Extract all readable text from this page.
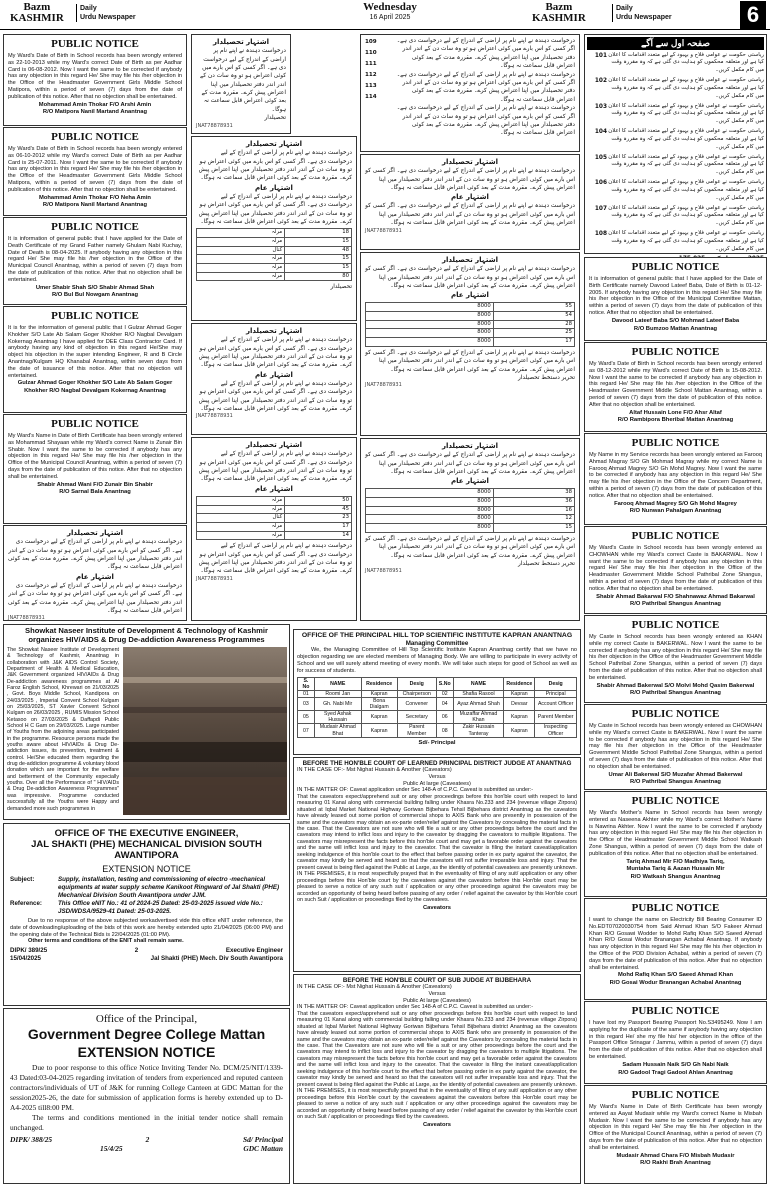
Bazm
KASHMIR
Daily
Urdu Newspaper
Wednesday
16 April 2025
Bazm
KASHMIR
Daily
Urdu Newspaper	6
PUBLIC NOTICE

My Ward's Date of Birth in School records has been wrongly entered as 22-10-2013 while my Ward's correct Date of Birth as per Aadhar Card is 06-08-2012. Now I want the same to be corrected if anybody has any objection in this regard He/ She may file his /her objection in the Office of the Headmaster Government Girls Middle School Matipora, within a period of seven (7) days from the date of publication of this notice. After that no objection shall be entertained.

Mohammad Amin Thokar F/O Arshi Amin
R/O Matipora Nanil Martand Anantnag
PUBLIC NOTICE

My Ward's Date of Birth in School records has been wrongly entered as 06-10-2012 while my Ward's correct Date of Birth as per Aadhar Card is 25-07-2011. Now I want the same to be corrected if anybody has any objection in this regard He/ She may file his /her objection in the Office of the Headmaster Government Girls Middle School Matipora, within a period of seven (7) days from the date of publication of this notice. After that no objection shall be entertained.

Mohammad Amin Thokar F/O Neha Amin
R/O Matipora Nanil Martand Anantnag
PUBLIC NOTICE

It is information of general public that I have applied for the Date of Death Certificate of my Grand Father namely Ghulam Nabi Kuchay, Date of Death is 08-04-2025. If anybody having any objection in this regard He/ She may file his /her objection in the Office of the Municipal Council Anantnag, within a period of seven (7) days from the date of publication of this notice. After that no objection shall be entertained.

Umer Shabir Shah S/O Shabir Ahmad Shah
R/O Bul Bul Nowgam Anantnag
PUBLIC NOTICE

It is for the information of general public that I Gulzar Ahmad Goger Khokher S/O Late Ab Salam Goger Khokher R/O Nagbal Devalgam Kokernag Anantnag I have applied for DEE Class Contractor Card. If anybody having any kind of objection in this regard He/She may object his objection in the super intending Engineer, R and B Circle Anantnag/Kulgam HQ Khanabal Anantnag, within seven days from the date of issuance of this notice. After that no objection will entertained.

Gulzar Ahmad Goger Khokher S/O Late Ab Salam Goger
Khokher R/O Nagbal Devalgam Kokernag Anantnag
PUBLIC NOTICE

My Ward's Name in Date of Birth Certificate has been wrongly entered as Mohammad Shayaan while my Ward's correct Name is Zunair Bin Shabir. Now I want the same to be corrected if anybody has any objection in this regard He/ She may file his /her objection in the Office of the Municipal Council Anantnag, within a period of seven (7) days from the date of publication of this notice. After that no objection shall be entertained.

Shabir Ahmad Wani F/O Zunair Bin Shabir
R/O Sarnal Bala Anantnag
اشتہار تحصیلدار
درخواست دہندہ نے اپنے نام پر اراضی کے اندراج کے لیے درخواست دی ہے۔ اگر کسی کو اس بارے میں کوئی اعتراض ہو تو وہ سات دن کے اندر اندر دفتر تحصیلدار میں اپنا اعتراض پیش کرے۔ مقررہ مدت کے بعد کوئی اعتراض قابل سماعت نہ ہوگا۔
اشتہار عام
درخواست دہندہ نے اپنے نام پر اراضی کے اندراج کے لیے درخواست دی ہے۔ اگر کسی کو اس بارے میں کوئی اعتراض ہو تو وہ سات دن کے اندر اندر دفتر تحصیلدار میں اپنا اعتراض پیش کرے۔ مقررہ مدت کے بعد کوئی اعتراض قابل سماعت نہ ہوگا۔
JNAT78878931
اشتہار تحصیلدار
درخواست دہندہ نے اپنے نام پر اراضی کے اندراج کے لیے درخواست دی ہے۔ اگر کسی کو اس بارے میں کوئی اعتراض ہو تو وہ سات دن کے اندر اندر دفتر تحصیلدار میں اپنا اعتراض پیش کرے۔ مقررہ مدت کے بعد کوئی اعتراض قابل سماعت نہ ہوگا۔
تحصیلدار
JNAT78878931
اشتہار تحصیلدار
درخواست دہندہ نے اپنے نام پر اراضی کے اندراج کے لیے درخواست دی ہے۔ اگر کسی کو اس بارے میں کوئی اعتراض ہو تو وہ سات دن کے اندر اندر دفتر تحصیلدار میں اپنا اعتراض پیش کرے۔ مقررہ مدت کے بعد کوئی اعتراض قابل سماعت نہ ہوگا۔
اشتہار عام
درخواست دہندہ نے اپنے نام پر اراضی کے اندراج کے لیے درخواست دی ہے۔ اگر کسی کو اس بارے میں کوئی اعتراض ہو تو وہ سات دن کے اندر اندر دفتر تحصیلدار میں اپنا اعتراض پیش کرے۔ مقررہ مدت کے بعد کوئی اعتراض قابل سماعت نہ ہوگا۔
18	مرلہ
15	مرلہ
48	کنال
15	مرلہ
15	مرلہ
80	مرلہ
تحصیلدار
اشتہار تحصیلدار
درخواست دہندہ نے اپنے نام پر اراضی کے اندراج کے لیے درخواست دی ہے۔ اگر کسی کو اس بارے میں کوئی اعتراض ہو تو وہ سات دن کے اندر اندر دفتر تحصیلدار میں اپنا اعتراض پیش کرے۔ مقررہ مدت کے بعد کوئی اعتراض قابل سماعت نہ ہوگا۔
اشتہار عام
درخواست دہندہ نے اپنے نام پر اراضی کے اندراج کے لیے درخواست دی ہے۔ اگر کسی کو اس بارے میں کوئی اعتراض ہو تو وہ سات دن کے اندر اندر دفتر تحصیلدار میں اپنا اعتراض پیش کرے۔ مقررہ مدت کے بعد کوئی اعتراض قابل سماعت نہ ہوگا۔
JNAT78878931
اشتہار تحصیلدار
درخواست دہندہ نے اپنے نام پر اراضی کے اندراج کے لیے درخواست دی ہے۔ اگر کسی کو اس بارے میں کوئی اعتراض ہو تو وہ سات دن کے اندر اندر دفتر تحصیلدار میں اپنا اعتراض پیش کرے۔ مقررہ مدت کے بعد کوئی اعتراض قابل سماعت نہ ہوگا۔
اشتہار عام
50	مرلہ
45	مرلہ
23	کنال
17	مرلہ
14	مرلہ
درخواست دہندہ نے اپنے نام پر اراضی کے اندراج کے لیے درخواست دی ہے۔ اگر کسی کو اس بارے میں کوئی اعتراض ہو تو وہ سات دن کے اندر اندر دفتر تحصیلدار میں اپنا اعتراض پیش کرے۔ مقررہ مدت کے بعد کوئی اعتراض قابل سماعت نہ ہوگا۔
JNAT78878931
109
110
111
112
113
114
درخواست دہندہ نے اپنے نام پر اراضی کے اندراج کے لیے درخواست دی ہے۔ اگر کسی کو اس بارے میں کوئی اعتراض ہو تو وہ سات دن کے اندر اندر دفتر تحصیلدار میں اپنا اعتراض پیش کرے۔ مقررہ مدت کے بعد کوئی اعتراض قابل سماعت نہ ہوگا۔
درخواست دہندہ نے اپنے نام پر اراضی کے اندراج کے لیے درخواست دی ہے۔ اگر کسی کو اس بارے میں کوئی اعتراض ہو تو وہ سات دن کے اندر اندر دفتر تحصیلدار میں اپنا اعتراض پیش کرے۔ مقررہ مدت کے بعد کوئی اعتراض قابل سماعت نہ ہوگا۔
درخواست دہندہ نے اپنے نام پر اراضی کے اندراج کے لیے درخواست دی ہے۔ اگر کسی کو اس بارے میں کوئی اعتراض ہو تو وہ سات دن کے اندر اندر دفتر تحصیلدار میں اپنا اعتراض پیش کرے۔ مقررہ مدت کے بعد کوئی اعتراض قابل سماعت نہ ہوگا۔
اشتہار تحصیلدار
درخواست دہندہ نے اپنے نام پر اراضی کے اندراج کے لیے درخواست دی ہے۔ اگر کسی کو اس بارے میں کوئی اعتراض ہو تو وہ سات دن کے اندر اندر دفتر تحصیلدار میں اپنا اعتراض پیش کرے۔ مقررہ مدت کے بعد کوئی اعتراض قابل سماعت نہ ہوگا۔
اشتہار عام
درخواست دہندہ نے اپنے نام پر اراضی کے اندراج کے لیے درخواست دی ہے۔ اگر کسی کو اس بارے میں کوئی اعتراض ہو تو وہ سات دن کے اندر اندر دفتر تحصیلدار میں اپنا اعتراض پیش کرے۔ مقررہ مدت کے بعد کوئی اعتراض قابل سماعت نہ ہوگا۔
JNAT78878931
اشتہار تحصیلدار
درخواست دہندہ نے اپنے نام پر اراضی کے اندراج کے لیے درخواست دی ہے۔ اگر کسی کو اس بارے میں کوئی اعتراض ہو تو وہ سات دن کے اندر اندر دفتر تحصیلدار میں اپنا اعتراض پیش کرے۔ مقررہ مدت کے بعد کوئی اعتراض قابل سماعت نہ ہوگا۔
اشتہار عام
55	8000
54	8000
28	8000
25	8000
17	8000
درخواست دہندہ نے اپنے نام پر اراضی کے اندراج کے لیے درخواست دی ہے۔ اگر کسی کو اس بارے میں کوئی اعتراض ہو تو وہ سات دن کے اندر اندر دفتر تحصیلدار میں اپنا اعتراض پیش کرے۔ مقررہ مدت کے بعد کوئی اعتراض قابل سماعت نہ ہوگا۔
تحریر دستخط تحصیلدار
JNAT78878931
اشتہار تحصیلدار
درخواست دہندہ نے اپنے نام پر اراضی کے اندراج کے لیے درخواست دی ہے۔ اگر کسی کو اس بارے میں کوئی اعتراض ہو تو وہ سات دن کے اندر اندر دفتر تحصیلدار میں اپنا اعتراض پیش کرے۔ مقررہ مدت کے بعد کوئی اعتراض قابل سماعت نہ ہوگا۔
اشتہار عام
38	8000
36	8000
16	8000
12	8000
15	8000
درخواست دہندہ نے اپنے نام پر اراضی کے اندراج کے لیے درخواست دی ہے۔ اگر کسی کو اس بارے میں کوئی اعتراض ہو تو وہ سات دن کے اندر اندر دفتر تحصیلدار میں اپنا اعتراض پیش کرے۔ مقررہ مدت کے بعد کوئی اعتراض قابل سماعت نہ ہوگا۔
تحریر دستخط تحصیلدار
JNAT78878951
صفحہ اول سے آگے
101 ریاستی حکومت نے عوامی فلاح و بہبود کے لیے متعدد اقدامات کا اعلان کیا ہے اور متعلقہ محکموں کو ہدایت دی گئی ہے کہ وہ مقررہ وقت میں کام مکمل کریں۔
102 ریاستی حکومت نے عوامی فلاح و بہبود کے لیے متعدد اقدامات کا اعلان کیا ہے اور متعلقہ محکموں کو ہدایت دی گئی ہے کہ وہ مقررہ وقت میں کام مکمل کریں۔
103 ریاستی حکومت نے عوامی فلاح و بہبود کے لیے متعدد اقدامات کا اعلان کیا ہے اور متعلقہ محکموں کو ہدایت دی گئی ہے کہ وہ مقررہ وقت میں کام مکمل کریں۔
104 ریاستی حکومت نے عوامی فلاح و بہبود کے لیے متعدد اقدامات کا اعلان کیا ہے اور متعلقہ محکموں کو ہدایت دی گئی ہے کہ وہ مقررہ وقت میں کام مکمل کریں۔
105 ریاستی حکومت نے عوامی فلاح و بہبود کے لیے متعدد اقدامات کا اعلان کیا ہے اور متعلقہ محکموں کو ہدایت دی گئی ہے کہ وہ مقررہ وقت میں کام مکمل کریں۔
106 ریاستی حکومت نے عوامی فلاح و بہبود کے لیے متعدد اقدامات کا اعلان کیا ہے اور متعلقہ محکموں کو ہدایت دی گئی ہے کہ وہ مقررہ وقت میں کام مکمل کریں۔
107 ریاستی حکومت نے عوامی فلاح و بہبود کے لیے متعدد اقدامات کا اعلان کیا ہے اور متعلقہ محکموں کو ہدایت دی گئی ہے کہ وہ مقررہ وقت میں کام مکمل کریں۔
108 ریاستی حکومت نے عوامی فلاح و بہبود کے لیے متعدد اقدامات کا اعلان کیا ہے اور متعلقہ محکموں کو ہدایت دی گئی ہے کہ وہ مقررہ وقت میں کام مکمل کریں۔
PUBLIC NOTICE

It is information of general public that I have applied for the Date of Birth Certificate namely Davood Lateef Baba, Date of Birth is 01-12-2005. If anybody having any objection in this regard He/ She may file his /her objection in the Office of the Municipal Committee Mattan, within a period of seven (7) days from the date of publication of this notice. After that no objection shall be entertained.

Davood Lateef Baba S/O Mohmad Lateef Baba
R/O Bumzoo Mattan Anantnag
PUBLIC NOTICE

My Ward's Date of Birth in School records has been wrongly entered as 08-12-2012 while my Ward's correct Date of Birth is 15-08-2012. Now I want the same to be corrected if anybody has any objection in this regard He/ She may file his /her objection in the Office of the Headmaster Government Middle School Mattan Anantnag, within a period of seven (7) days from the date of publication of this notice. After that no objection shall be entertained.

Altaf Hussain Lone F/O Ahsr Altaf
R/O Rambipora Bheribal Mattan Anantnag
PUBLIC NOTICE

My Name in my Service records has been wrongly entered as Farooq Ahmad Magray S/O Gh Mohmad Magray while my correct Name is Farooq Ahmad Magrey S/O Gh Mohd Magrey. Now I want the same to be corrected if anybody has any objection in this regard He/ She may file his /her objection in the Office of the Concern Department, within a period of seven (7) days from the date of publication of this notice. After that no objection shall be entertained.

Farooq Ahmad Magrey S/O Gh Mohd Magrey
R/O Nunwan Pahalgam Anantnag
PUBLIC NOTICE

My Ward's Caste in School records has been wrongly entered as CHOWHAN while my Ward's correct Caste is BAKARWAL. Now I want the same to be corrected if anybody has any objection in this regard He/ She may file his /her objection in the Office of the Headmaster Government Middle School Pathribal Zone Shangus, within a period of seven (7) days from the date of publication of this notice. After that no objection shall be entertained.

Shabir Ahmad Bakarwal F/O Shahnawaz Ahmad Bakarwal
R/O Pathribal Shangus Anantnag
PUBLIC NOTICE

My Caste in School records has been wrongly entered as KHAN while my correct Caste is BAKERWAL. Now I want the same to be corrected if anybody has any objection in this regard He/ She may file his /her objection in the Office of the Headmaster Government Middle School Pathribal Zone Shangus, within a period of seven (7) days from the date of publication of this notice. After that no objection shall be entertained.

Shabir Ahmad Bakerwal S/O Molvi Mohd Qasim Bakerwal
R/O Pathribal Shangus Anantnag
PUBLIC NOTICE

My Caste in School records has been wrongly entered as CHOWHAN while my Ward's correct Caste is BAKERWAL. Now I want the same to be corrected if anybody has any objection in this regard He/ She may file his /her objection in the Office of the Headmaster Government Middle School Pathribal Zone Shangus, within a period of seven (7) days from the date of publication of this notice. After that no objection shall be entertained.

Umar Ali Bakerwal S/O Muzafar Ahmad Bakerwal
R/O Pathribal Shangus Anantnag
PUBLIC NOTICE

My Ward's Mother's Name in School records has been wrongly entered as Naseena Akhter while my Ward's correct Mother's Name is Nawrina Akhter. Now I want the same to be corrected if anybody has any objection in this regard He/ She may file his /her objection in the Office of the Headmaster Government Middle School Watkash Zone Shangus, within a period of seven (7) days from the date of publication of this notice. After that no objection shall be entertained.

Tariq Ahmad Mir F/O Madhiya Tariq,
Muntaha Tariq & Aazan Hussain Mir
R/O Watkash Shangus Anantnag
PUBLIC NOTICE

I want to change the name on Electricity Bill Bearing Consumer ID No.EDT07020030754 from Said Ahmad Khan S/O Fakeer Ahmad Khan R/O Gosawi Wodder to Mohd Rafiq Khan S/O Saeed Ahmad Khan R/O Gosai Wodur Branangan Achabal Anantnag. If anybody has any objection in this regard He/ She may file his /her objection in the Office of the PDD Division Achabal, within a period of seven (7) days from the date of publication of this notice. After that no objection shall be entertained.

Mohd Rafiq Khan S/O Saeed Ahmad Khan
R/O Gosai Wodur Branangan Achabal Anantnag
PUBLIC NOTICE

I have lost my Passport Bearing Passport No.S3495249. Now I am applying for the duplicate of the same if anybody having any objection in this regard He/ she my file his/ her objection in the office of the Passport Office Srinagar / Jammu, within a period of seven (7) days from the date of publication of this notice. After that no objection shall be entertained.

Sadam Hussain Naik S/O Gh Nabi Naik
R/O Gadool Tragi Gadool Ahlan Anantnag
PUBLIC NOTICE

My Ward's Name in Date of Birth Certificate has been wrongly entered as Aayat Mudasir while my Ward's correct Name is Misbah Mudasir. Now I want the same to be corrected if anybody has any objection in this regard He/ She may file his /her objection in the Office of the Municipal Council Anantnag, within a period of seven (7) days from the date of publication of this notice. After that no objection shall be entertained.

Mudasir Ahmad Chara F/O Misbah Mudasir
R/O Rakhi Brah Anantnag
Showkat Naseer Institute of Development & Technology of Kashmir
organizes HIV/AIDS & Drug De-addiction Awareness Programmes

The Showkat Naseer Institute of Development & Technology of Kashmir, Anantnag in collaboration with J&K AIDS Control Society, Department of Health & Medical Education, J&K Government organized HIV/AIDs & Drug De-addiction awareness programmes at Al Faroz English School, Khrewari on 21/03/2025 , Govt. Boys Middle School, Kandipora on 24/03/2025 , Imperial Convent School Kulgam on 25/03/2025, ST Xavier Convent School Kulgam on 26/03/2025 , RUMIS Mission School Ketasoo on 27/03/2025 & Daffapdi Public School H C Gam on 29/03/2025. Large number of Youths from the adjoining areas participated in the programme. Resource persons made the youths aware about HIV/AIDs & Drug De-addiction issues, its prevention, treatment & control. He/She educated them regarding the drug de-addiction programme & voluntary blood donation which are important for the welfare and betterment of the Community especially youths. Over all the Performance of " HIV/AIDs & Drug De-addiction Awareness Programmes" was impressive. Programme conducted successfully all the Youths were Happy and demanded more such programmes in

OFFICE OF THE EXECUTIVE ENGINEER,
JAL SHAKTI (PHE) MECHANICAL DIVISION SOUTH
AWANTIPORA
EXTENSION NOTICE
Subject:	Supply, installation, testing and commissioning of electro -mechanical equipments at water supply scheme Kanikoot Ringward of Jal Shakti (PHE) Mechanical Division South Awantipora under JJM.
Reference:	This Office eNIT No.: 41 of 2024-25 Dated: 25-03-2025 issued vide No.: JSD/WDSA/9529-41 Dated: 25-03-2025.

Due to no response of the above subjected workadvertised vide this office eNIT under reference, the date of downloading/uploading of the bids of this work are hereby extended upto 21/04/2025 (06:00 PM) and the opening date of the Technical Bids is 22/04/2025 (01:00 PM).

Other terms and conditions of the ENIT shall remain same.

DIPK/ 389/25	2	Executive Engineer
15/04/2025	Jal Shakti (PHE) Mech. Div South Awantipora
Office of the Principal,
Government Degree College Mattan
EXTENSION NOTICE

Due to poor response to this office Notice Inviting Tender No. DCM/25/NIT/1339-43 Dated:03-04-2025 regarding invitation of tenders from experienced and reputed canteen contractors/individuals of UT of J&K for running College Canteen at GDC Mattan for the session2025-26, the date for submission of application forms is hereby extended up to D-A4-2025 till8:00 PM.

The terms and conditions mentioned in the initial tender notice shall remain unchanged.

DIPK/ 388/25	2	Sd/ Principal
15/4/25	GDC Mattan
OFFICE OF THE PRINCIPAL HILL TOP SCIENTIFIC INSTITUTE KAPRAN ANANTNAG
Managing Committee

We, the Managing Committee of Hill Top Scientific Institute Kapran Anantnag certify that we have no objection regarding we are elected members of Managing Body. We are willing to participate in every activity of School and we will surely attend meeting of every month. We will take such steps for good of School as well as for success of students.

S. No	NAME	Residence	Desig	S.No	NAME	Residence	Desig
01	Roomi Jan	Kapran	Chairperson	02	Shafia Rasool	Kapran	Principal
03	Gh. Nabi Mir	Bona Dialgam	Convener	04	Ayaz Ahmad Shah	Devsar	Account Officer
05	Syed Ashak Hussain	Kapran	Secretary	06	Muzaffar Ahmad Khan	Kapran	Parent Member
07	Mudasir Ahmad Bhat	Kapran	Parent Member	08	Zakir Hussain Tanteray	Kapran	Inspecting Officer
Sd/- Principal
BEFORE THE HON'BLE COURT OF LEARNED PRINCIPAL DISTRICT JUDGE AT ANANTNAG
IN THE CASE OF:- Mst Nighat Hussain & Another (Caveators)
Versus
Public At large (Caveatees)

IN THE MATTER OF: Caveat application under Sec 148-A of C.P.C. Caveat is submitted as under:-

That the caveators expect/apprehend suit or any other proceedings before this hon'ble court with respect to land measuring 01 Kanal along with commercial building falling under Khasra No.233 and 234 (revenue village Zirpora) situated at Iqbal Market National Highway Goriwan Bijbehara Tehsil Bijbehara district Anantnag as the caveators have already leased out some portion of commercial shops to AXIS Bank who are presently in possession of the same and the caveators may obtain an ex-parte order/relief against the Caveators by concealing the material facts in the case. That the Caveators are not sure who will file a suit or any other proceedings before the court and the caveators may intend to inflict loss and injury to the caveator by dragging the caveators to multiple litigations. The caveators may misrepresent the facts before this hon'ble court and may get a favorable order against the caveators and the same will inflict loss and injury to the caveator. That the caveator is filing the instant caveat/application seeking indulgence of this hon'ble court to the effect that before passing order in ex party against the caveator, the caveator may kindly be served and heard so that the caveators will not suffer irreparable loss and injury. That the present caveat is being filed against the Public at Large, as the identity of potential caveatees are presently unknown. IN THE PREMISES, it is most respectfully prayed that in the eventuality of filing of any suit/ application or any other proceedings before this Hon'ble court by the caveatees against the caveators before this Hon'ble court may be pleased to serve a notice of any such suit / application or any other proceedings against the caveators may be accorded an opportunity of being heard before passing of any order / relief against the caveator by this Hon'ble court on such Suit / application or proceedings filed by the caveatees.

Caveators
BEFORE THE HON'BLE COURT OF SUB JUDGE AT BIJBEHARA
IN THE CASE OF:- Mst Nighat Hussain & Another (Caveators)
Versus
Public At large (Caveatees)

IN THE MATTER OF: Caveat application under Sec 148-A of C.P.C. Caveat is submitted as under:-

That the caveators expect/apprehend suit or any other proceedings before this hon'ble court with respect to land measuring 01 Kanal along with commercial building falling under Khasra No.233 and 234 (revenue village Zirpora) situated at Iqbal Market National Highway Goriwan Bijbehara Tehsil Bijbehara district Anantnag as the caveators have already leased out some portion of commercial shops to AXIS Bank who are presently in possession of the same and the caveators may obtain an ex-parte order/relief against the Caveators by concealing the material facts in the case. That the Caveators are not sure who will file a suit or any other proceedings before the court and the caveators may intend to inflict loss and injury to the caveator by dragging the caveators to multiple litigations. The caveators may misrepresent the facts before this hon'ble court and may get a favorable order against the caveators and the same will inflict loss and injury to the caveator. That the caveator is filing the instant caveat/application seeking indulgence of this hon'ble court to the effect that before passing order in ex party against the caveator, the caveator may kindly be served and heard so that the caveators will not suffer irreparable loss and injury. That the present caveat is being filed against the Public at Large, as the identity of potential caveatees are presently unknown. IN THE PREMISES, it is most respectfully prayed that in the eventuality of filing of any suit/ application or any other proceedings before this Hon'ble court by the caveatees against the caveators before this Hon'ble court may be pleased to serve a notice of any such suit / application or any other proceedings against the caveators may be accorded an opportunity of being heard before passing of any order / relief against the caveator by this Hon'ble court on such Suit / application or proceedings filed by the caveatees.

Caveators
